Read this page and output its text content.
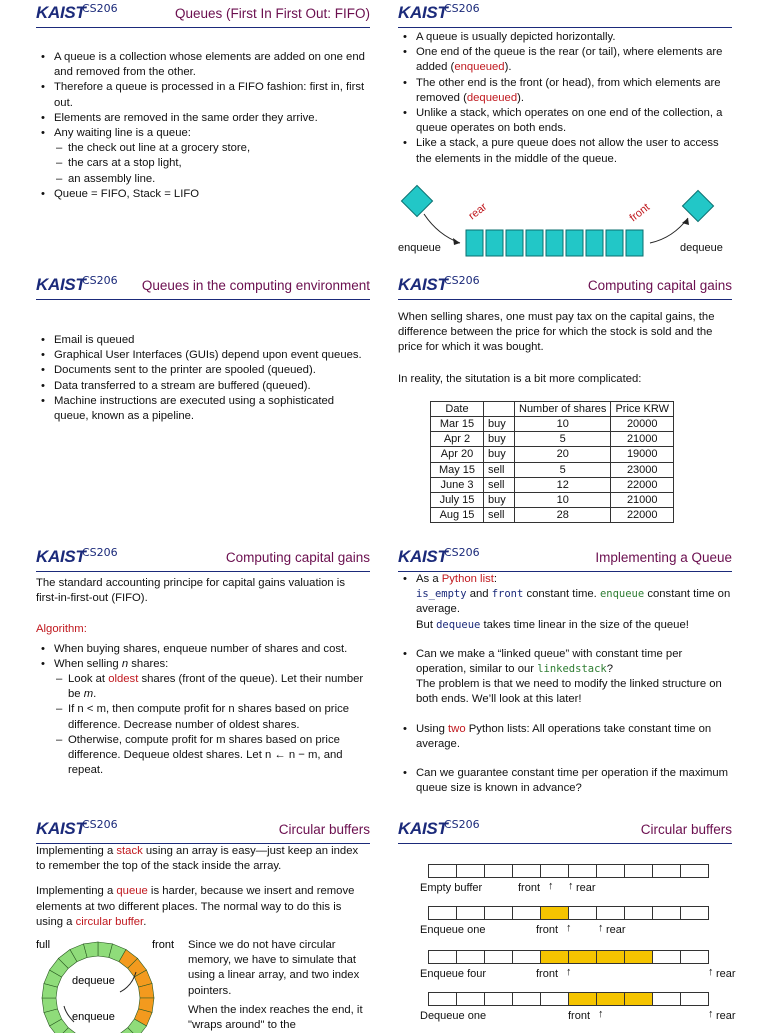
KAIST
CS206	Queues (First In First Out: FIFO)
• A queue is a collection whose elements are added on one end and removed from the other.
• Therefore a queue is processed in a FIFO fashion: first in, first out.
• Elements are removed in the same order they arrive.
• Any waiting line is a queue:
– the check out line at a grocery store,
– the cars at a stop light,
– an assembly line.
• Queue = FIFO, Stack = LIFO
KAIST
CS206
• A queue is usually depicted horizontally.
• One end of the queue is the rear (or tail), where elements are added (enqueued).
• The other end is the front (or head), from which elements are removed (dequeued).
• Unlike a stack, which operates on one end of the collection, a queue operates on both ends.
• Like a stack, a pure queue does not allow the user to access the elements in the middle of the queue.
rear	front
enqueue	dequeue
KAIST
CS206 Queues in the computing environment
• Email is queued
• Graphical User Interfaces (GUIs) depend upon event queues.
• Documents sent to the printer are spooled (queued).
• Data transferred to a stream are buffered (queued).
• Machine instructions are executed using a sophisticated queue, known as a pipeline.
KAIST
CS206	Computing capital gains
When selling shares, one must pay tax on the capital gains, the difference between the price for which the stock is sold and the price for which it was bought.
In reality, the situtation is a bit more complicated:
Date		Number of shares	Price KRW
Mar 15	buy	10	20000
Apr 2	buy	5	21000
Apr 20	buy	20	19000
May 15	sell	5	23000
June 3	sell	12	22000
July 15	buy	10	21000
Aug 15	sell	28	22000
KAIST
CS206	Computing capital gains
The standard accounting principe for capital gains valuation is first-in-first-out (FIFO).
Algorithm:
• When buying shares, enqueue number of shares and cost.
• When selling n shares:
– Look at oldest shares (front of the queue). Let their number be m.
– If n < m, then compute profit for n shares based on price difference. Decrease number of oldest shares.
– Otherwise, compute profit for m shares based on price difference. Dequeue oldest shares. Let n ← n − m, and repeat.
KAIST
CS206	Implementing a Queue
• As a Python list:
is_empty and front constant time. enqueue constant time on average.
But dequeue takes time linear in the size of the queue!
• Can we make a “linked queue” with constant time per operation, similar to our linkedstack?
The problem is that we need to modify the linked structure on both ends. We’ll look at this later!
• Using two Python lists: All operations take constant time on average.
• Can we guarantee constant time per operation if the maximum queue size is known in advance?
KAIST
CS206	Circular buffers
Implementing a stack using an array is easy—just keep an index to remember the top of the stack inside the array.
Implementing a queue is harder, because we insert and remove elements at two different places. The normal way to do this is using a circular buffer.
full	front
dequeue
enqueue
Since we do not have circular memory, we have to simulate that using a linear array, and two index pointers.
When the index reaches the end, it "wraps around" to the
KAIST
CS206	Circular buffers
Empty buffer	front ↑ ↑ rear
Enqueue one	front ↑ ↑ rear
Enqueue four	front ↑	↑ rear
Dequeue one	front ↑	↑ rear
